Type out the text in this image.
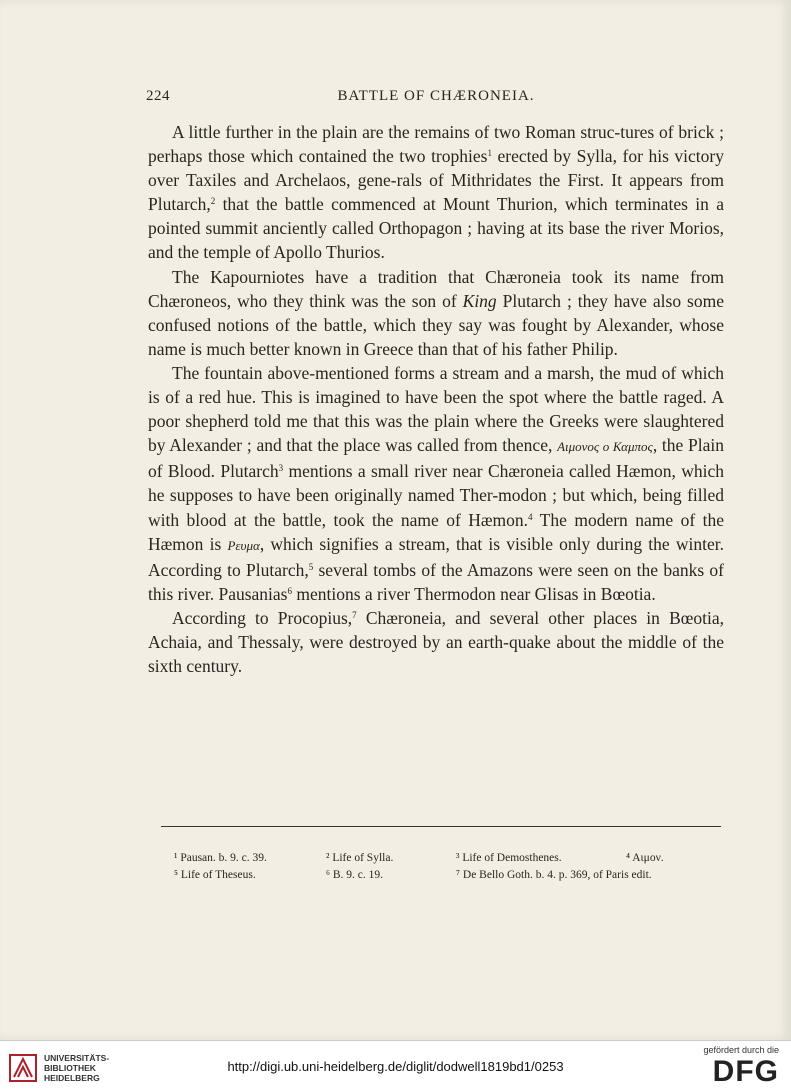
224	BATTLE OF CHÆRONEIA.

A little further in the plain are the remains of two Roman struc-tures of brick ; perhaps those which contained the two trophies$^1$ erected by Sylla, for his victory over Taxiles and Archelaos, gene-rals of Mithridates the First. It appears from Plutarch,$^2$ that the battle commenced at Mount Thurion, which terminates in a pointed summit anciently called Orthopagon ; having at its base the river Morios, and the temple of Apollo Thurios.

The Kapourniotes have a tradition that Chæroneia took its name from Chæroneos, who they think was the son of King Plutarch ; they have also some confused notions of the battle, which they say was fought by Alexander, whose name is much better known in Greece than that of his father Philip.

The fountain above-mentioned forms a stream and a marsh, the mud of which is of a red hue. This is imagined to have been the spot where the battle raged. A poor shepherd told me that this was the plain where the Greeks were slaughtered by Alexander ; and that the place was called from thence, Αιμονος ο Καμπος, the Plain of Blood. Plutarch$^3$ mentions a small river near Chæroneia called Hæmon, which he supposes to have been originally named Ther-modon ; but which, being filled with blood at the battle, took the name of Hæmon.$^4$ The modern name of the Hæmon is Ρευμα, which signifies a stream, that is visible only during the winter. According to Plutarch,$^5$ several tombs of the Amazons were seen on the banks of this river. Pausanias$^6$ mentions a river Thermodon near Glisas in Bœotia.

According to Procopius,$^7$ Chæroneia, and several other places in Bœotia, Achaia, and Thessaly, were destroyed by an earth-quake about the middle of the sixth century.

¹ Pausan. b. 9. c. 39.	² Life of Sylla.	³ Life of Demosthenes.	⁴ Αιμον.
⁵ Life of Theseus.	⁶ B. 9. c. 19.	⁷ De Bello Goth. b. 4. p. 369, of Paris edit.
UNIVERSITÄTS-
BIBLIOTHEK
HEIDELBERG
http://digi.ub.uni-heidelberg.de/diglit/dodwell1819bd1/0253
gefördert durch die
DFG
